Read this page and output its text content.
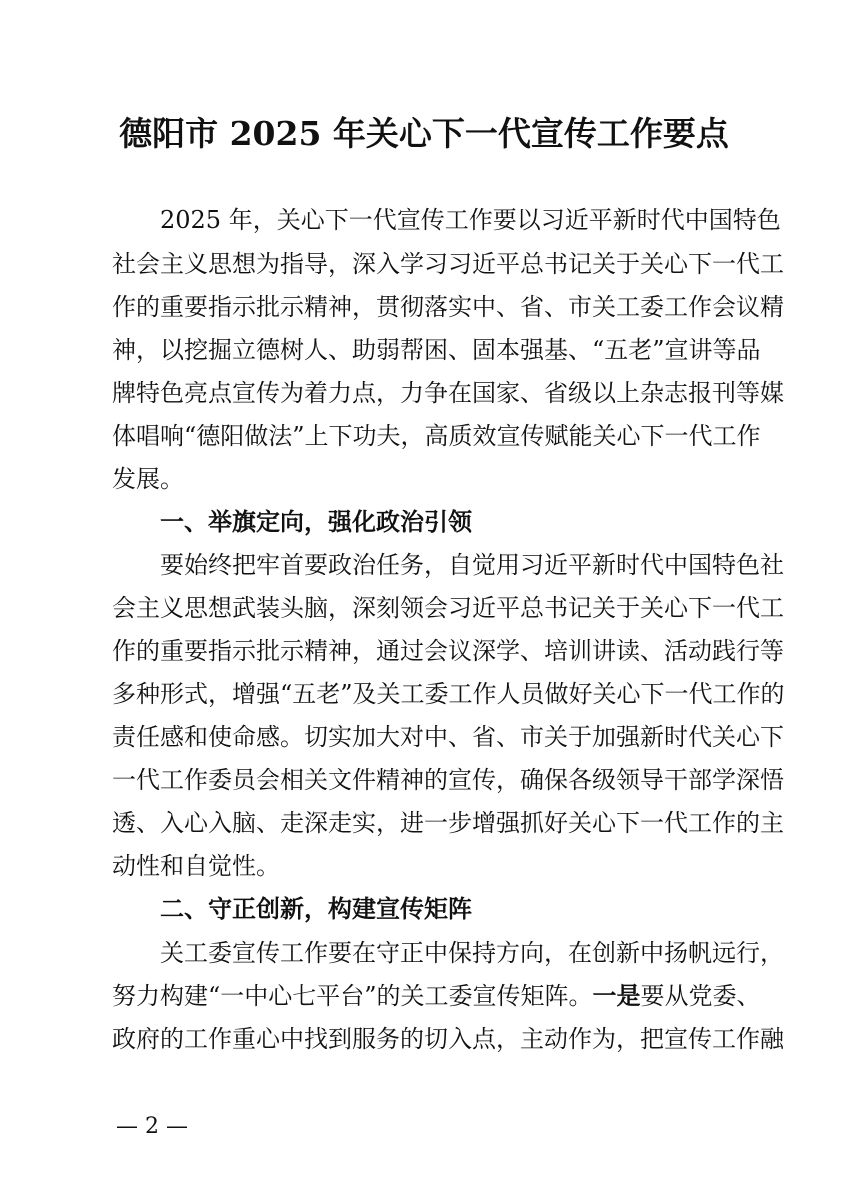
德阳市 2025 年关心下一代宣传工作要点
2025 年，关心下一代宣传工作要以习近平新时代中国特色
社会主义思想为指导，深入学习习近平总书记关于关心下一代工
作的重要指示批示精神，贯彻落实中、省、市关工委工作会议精
神，以挖掘立德树人、助弱帮困、固本强基、“五老”宣讲等品
牌特色亮点宣传为着力点，力争在国家、省级以上杂志报刊等媒
体唱响“德阳做法”上下功夫，高质效宣传赋能关心下一代工作
发展。
一、举旗定向，强化政治引领
要始终把牢首要政治任务，自觉用习近平新时代中国特色社
会主义思想武装头脑，深刻领会习近平总书记关于关心下一代工
作的重要指示批示精神，通过会议深学、培训讲读、活动践行等
多种形式，增强“五老”及关工委工作人员做好关心下一代工作的
责任感和使命感。切实加大对中、省、市关于加强新时代关心下
一代工作委员会相关文件精神的宣传，确保各级领导干部学深悟
透、入心入脑、走深走实，进一步增强抓好关心下一代工作的主
动性和自觉性。
二、守正创新，构建宣传矩阵
关工委宣传工作要在守正中保持方向，在创新中扬帆远行，
努力构建“一中心七平台”的关工委宣传矩阵。一是要从党委、
政府的工作重心中找到服务的切入点，主动作为，把宣传工作融
— 2 —
